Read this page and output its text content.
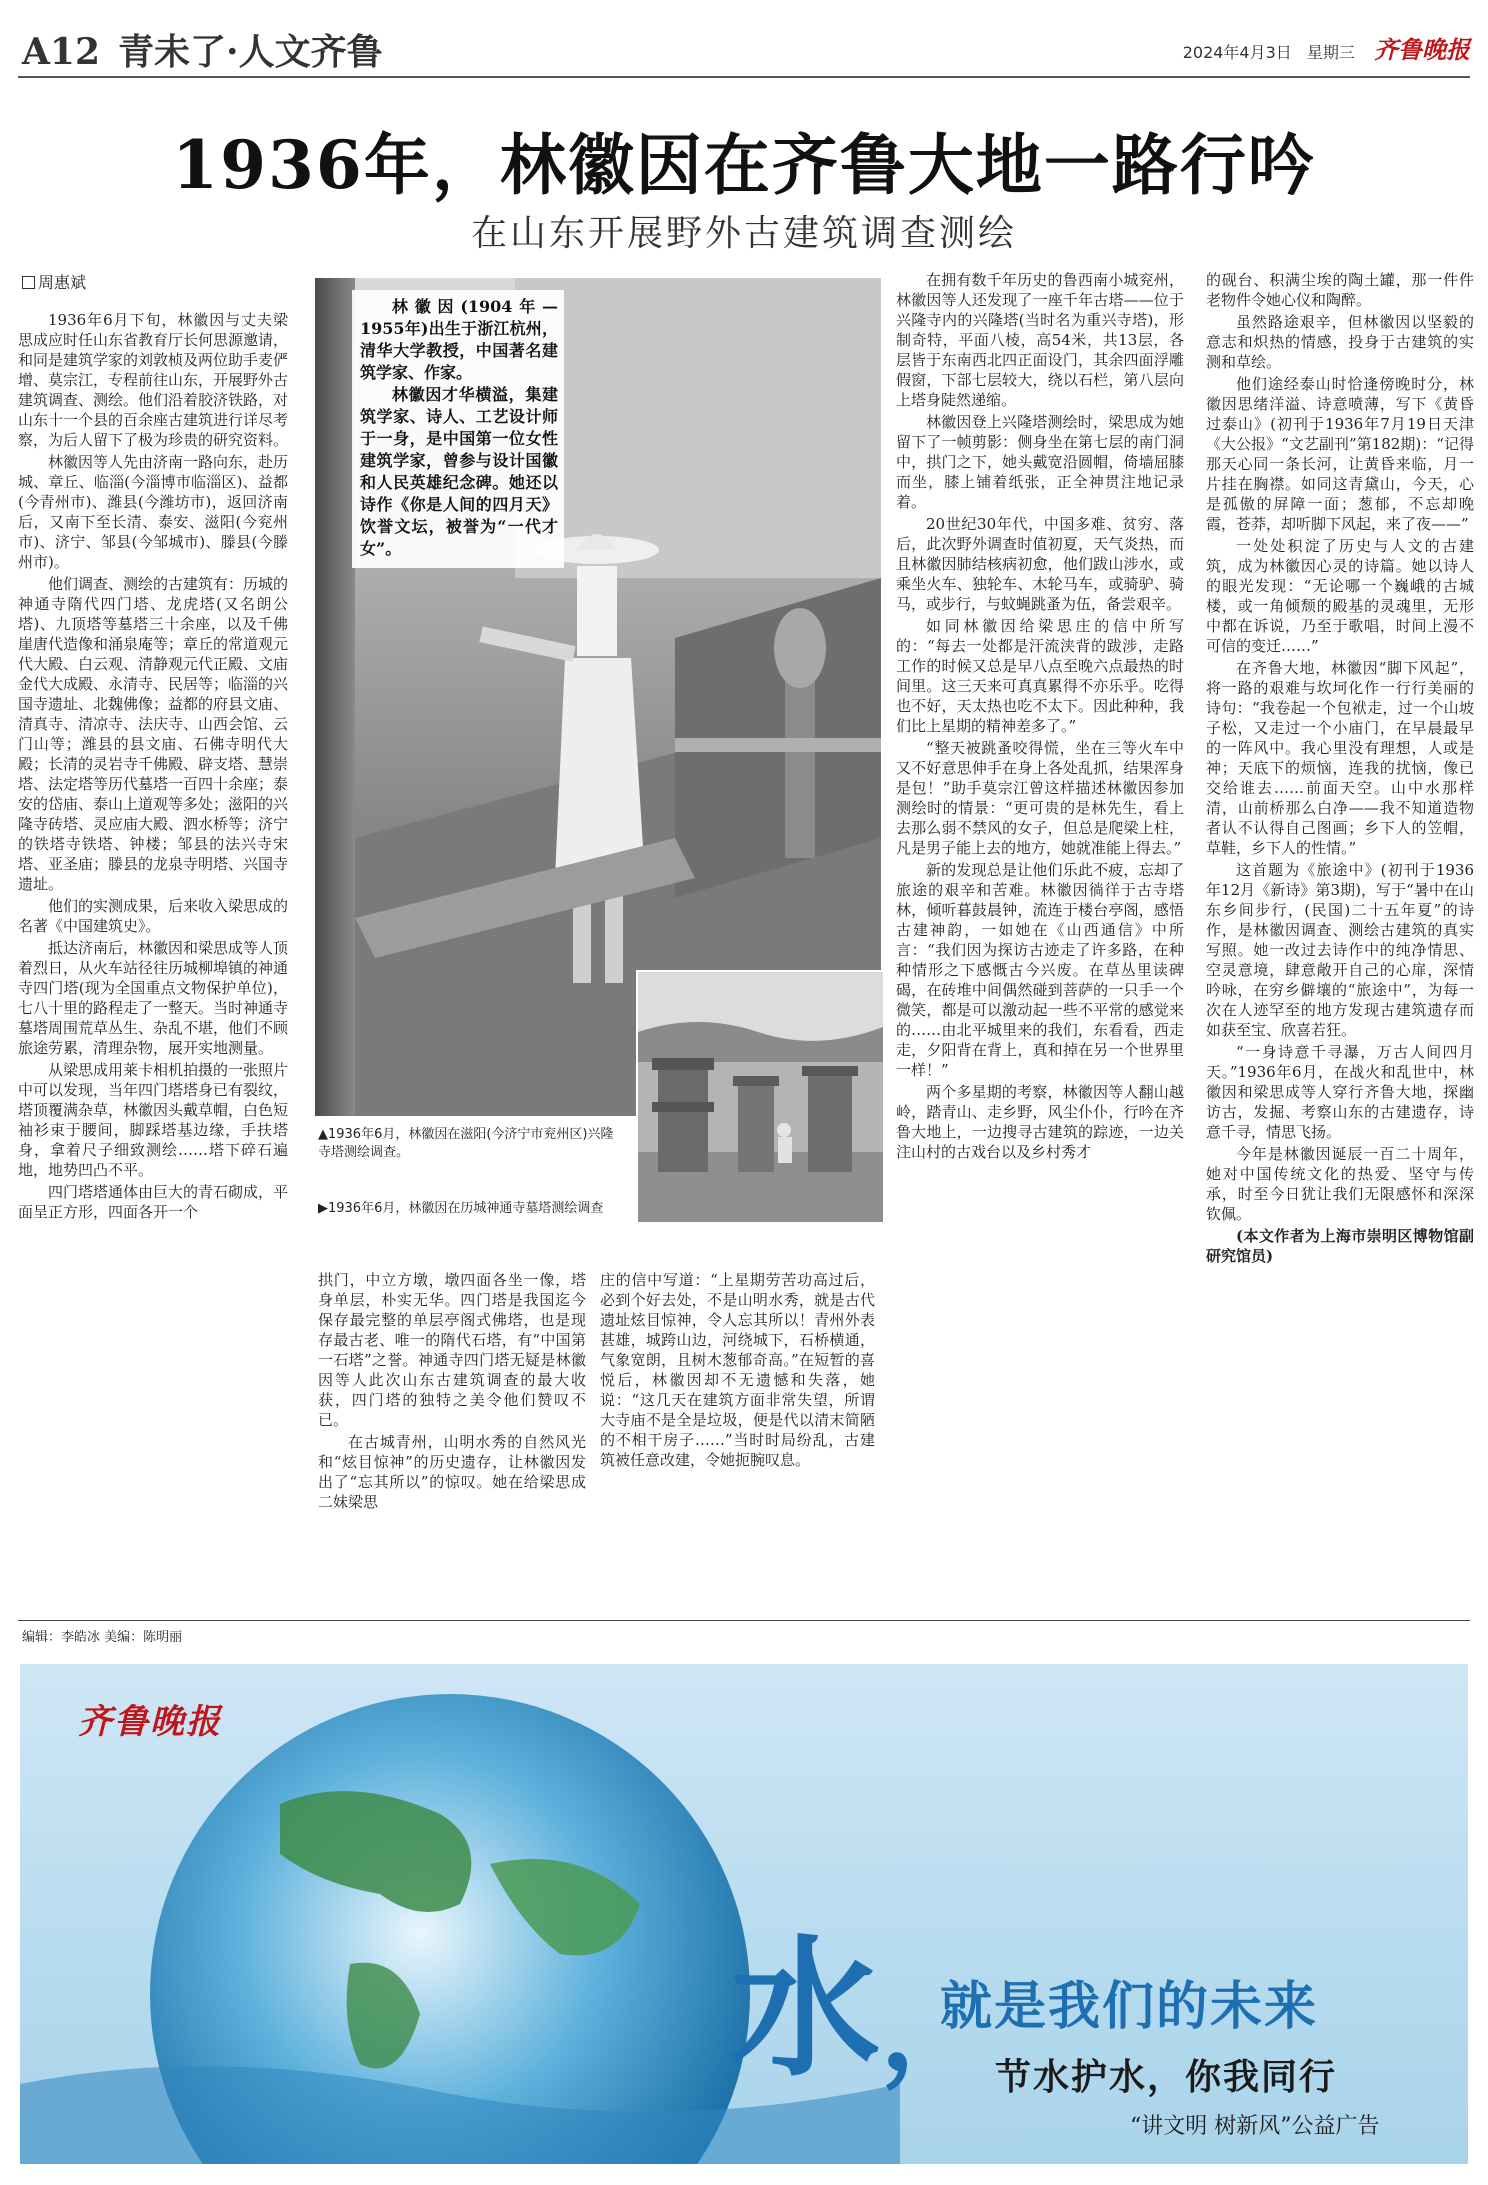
A12 青未了·人文齐鲁	2024年4月3日 星期三 齐鲁晚报
1936年，林徽因在齐鲁大地一路行吟
在山东开展野外古建筑调查测绘
周惠斌

1936年6月下旬，林徽因与丈夫梁思成应时任山东省教育厅长何思源邀请，和同是建筑学家的刘敦桢及两位助手麦俨增、莫宗江，专程前往山东，开展野外古建筑调查、测绘。他们沿着胶济铁路，对山东十一个县的百余座古建筑进行详尽考察，为后人留下了极为珍贵的研究资料。

林徽因等人先由济南一路向东，赴历城、章丘、临淄(今淄博市临淄区)、益都(今青州市)、潍县(今潍坊市)，返回济南后，又南下至长清、泰安、滋阳(今兖州市)、济宁、邹县(今邹城市)、滕县(今滕州市)。

他们调查、测绘的古建筑有：历城的神通寺隋代四门塔、龙虎塔(又名朗公塔)、九顶塔等墓塔三十余座，以及千佛崖唐代造像和涌泉庵等；章丘的常道观元代大殿、白云观、清静观元代正殿、文庙金代大成殿、永清寺、民居等；临淄的兴国寺遗址、北魏佛像；益都的府县文庙、清真寺、清凉寺、法庆寺、山西会馆、云门山等；潍县的县文庙、石佛寺明代大殿；长清的灵岩寺千佛殿、辟支塔、慧崇塔、法定塔等历代墓塔一百四十余座；泰安的岱庙、泰山上道观等多处；滋阳的兴隆寺砖塔、灵应庙大殿、泗水桥等；济宁的铁塔寺铁塔、钟楼；邹县的法兴寺宋塔、亚圣庙；滕县的龙泉寺明塔、兴国寺遗址。

他们的实测成果，后来收入梁思成的名著《中国建筑史》。

抵达济南后，林徽因和梁思成等人顶着烈日，从火车站径往历城柳埠镇的神通寺四门塔(现为全国重点文物保护单位)，七八十里的路程走了一整天。当时神通寺墓塔周围荒草丛生、杂乱不堪，他们不顾旅途劳累，清理杂物，展开实地测量。

从梁思成用莱卡相机拍摄的一张照片中可以发现，当年四门塔塔身已有裂纹，塔顶覆满杂草，林徽因头戴草帽，白色短袖衫束于腰间，脚踩塔基边缘，手扶塔身，拿着尺子细致测绘……塔下碎石遍地，地势凹凸不平。

四门塔塔通体由巨大的青石砌成，平面呈正方形，四面各开一个

林徽因(1904年—1955年)出生于浙江杭州，清华大学教授，中国著名建筑学家、作家。

林徽因才华横溢，集建筑学家、诗人、工艺设计师于一身，是中国第一位女性建筑学家，曾参与设计国徽和人民英雄纪念碑。她还以诗作《你是人间的四月天》饮誉文坛，被誉为“一代才女”。

▲1936年6月，林徽因在滋阳(今济宁市兖州区)兴隆寺塔测绘调查。
▶1936年6月，林徽因在历城神通寺墓塔测绘调查

拱门，中立方墩，墩四面各坐一像，塔身单层，朴实无华。四门塔是我国迄今保存最完整的单层亭阁式佛塔，也是现存最古老、唯一的隋代石塔，有“中国第一石塔”之誉。神通寺四门塔无疑是林徽因等人此次山东古建筑调查的最大收获，四门塔的独特之美令他们赞叹不已。

在古城青州，山明水秀的自然风光和“炫目惊神”的历史遗存，让林徽因发出了“忘其所以”的惊叹。她在给梁思成二妹梁思

庄的信中写道：“上星期劳苦功高过后，必到个好去处，不是山明水秀，就是古代遗址炫目惊神，令人忘其所以！青州外表甚雄，城跨山边，河绕城下，石桥横通，气象宽朗，且树木葱郁奇高。”在短暂的喜悦后，林徽因却不无遗憾和失落，她说：“这几天在建筑方面非常失望，所谓大寺庙不是全是垃圾，便是代以清末简陋的不相干房子……”当时时局纷乱，古建筑被任意改建，令她扼腕叹息。

在拥有数千年历史的鲁西南小城兖州，林徽因等人还发现了一座千年古塔——位于兴隆寺内的兴隆塔(当时名为重兴寺塔)，形制奇特，平面八棱，高54米，共13层，各层皆于东南西北四正面设门，其余四面浮雕假窗，下部七层较大，绕以石栏，第八层向上塔身陡然递缩。

林徽因登上兴隆塔测绘时，梁思成为她留下了一帧剪影：侧身坐在第七层的南门洞中，拱门之下，她头戴宽沿圆帽，倚墙屈膝而坐，膝上铺着纸张，正全神贯注地记录着。

20世纪30年代，中国多难、贫穷、落后，此次野外调查时值初夏，天气炎热，而且林徽因肺结核病初愈，他们跋山涉水，或乘坐火车、独轮车、木轮马车，或骑驴、骑马，或步行，与蚊蝇跳蚤为伍，备尝艰辛。

如同林徽因给梁思庄的信中所写的：“每去一处都是汗流浃背的跋涉，走路工作的时候又总是早八点至晚六点最热的时间里。这三天来可真真累得不亦乐乎。吃得也不好，天太热也吃不太下。因此种种，我们比上星期的精神差多了。”

“整天被跳蚤咬得慌，坐在三等火车中又不好意思伸手在身上各处乱抓，结果浑身是包！”助手莫宗江曾这样描述林徽因参加测绘时的情景：“更可贵的是林先生，看上去那么弱不禁风的女子，但总是爬梁上柱，凡是男子能上去的地方，她就准能上得去。”

新的发现总是让他们乐此不疲，忘却了旅途的艰辛和苦难。林徽因徜徉于古寺塔林，倾听暮鼓晨钟，流连于楼台亭阁，感悟古建神韵，一如她在《山西通信》中所言：“我们因为探访古迹走了许多路，在种种情形之下感慨古今兴废。在草丛里读碑碣，在砖堆中间偶然碰到菩萨的一只手一个微笑，都是可以激动起一些不平常的感觉来的……由北平城里来的我们，东看看，西走走，夕阳背在背上，真和掉在另一个世界里一样！”

两个多星期的考察，林徽因等人翻山越岭，踏青山、走乡野，风尘仆仆，行吟在齐鲁大地上，一边搜寻古建筑的踪迹，一边关注山村的古戏台以及乡村秀才

的砚台、积满尘埃的陶土罐，那一件件老物件令她心仪和陶醉。

虽然路途艰辛，但林徽因以坚毅的意志和炽热的情感，投身于古建筑的实测和草绘。

他们途经泰山时恰逢傍晚时分，林徽因思绪洋溢、诗意喷薄，写下《黄昏过泰山》(初刊于1936年7月19日天津《大公报》“文艺副刊”第182期)：“记得那天心同一条长河，让黄昏来临，月一片挂在胸襟。如同这青黛山，今天，心是孤傲的屏障一面；葱郁，不忘却晚霞，苍莽，却听脚下风起，来了夜——”

一处处积淀了历史与人文的古建筑，成为林徽因心灵的诗篇。她以诗人的眼光发现：“无论哪一个巍峨的古城楼，或一角倾颓的殿基的灵魂里，无形中都在诉说，乃至于歌唱，时间上漫不可信的变迁……”

在齐鲁大地，林徽因“脚下风起”，将一路的艰难与坎坷化作一行行美丽的诗句：“我卷起一个包袱走，过一个山坡子松，又走过一个小庙门，在早晨最早的一阵风中。我心里没有理想，人或是神；天底下的烦恼，连我的扰恼，像已交给谁去……前面天空。山中水那样清，山前桥那么白净——我不知道造物者认不认得自己图画；乡下人的笠帽，草鞋，乡下人的性情。”

这首题为《旅途中》(初刊于1936年12月《新诗》第3期)，写于“暑中在山东乡间步行，(民国)二十五年夏”的诗作，是林徽因调查、测绘古建筑的真实写照。她一改过去诗作中的纯净情思、空灵意境，肆意敞开自己的心扉，深情吟咏，在穷乡僻壤的“旅途中”，为每一次在人迹罕至的地方发现古建筑遗存而如获至宝、欣喜若狂。

“一身诗意千寻瀑，万古人间四月天。”1936年6月，在战火和乱世中，林徽因和梁思成等人穿行齐鲁大地，探幽访古，发掘、考察山东的古建遗存，诗意千寻，情思飞扬。

今年是林徽因诞辰一百二十周年，她对中国传统文化的热爱、坚守与传承，时至今日犹让我们无限感怀和深深钦佩。

(本文作者为上海市崇明区博物馆副研究馆员)

编辑：李皓冰 美编：陈明丽
齐鲁晚报
水 ，
就是我们的未来
节水护水，你我同行
“讲文明 树新风”公益广告
